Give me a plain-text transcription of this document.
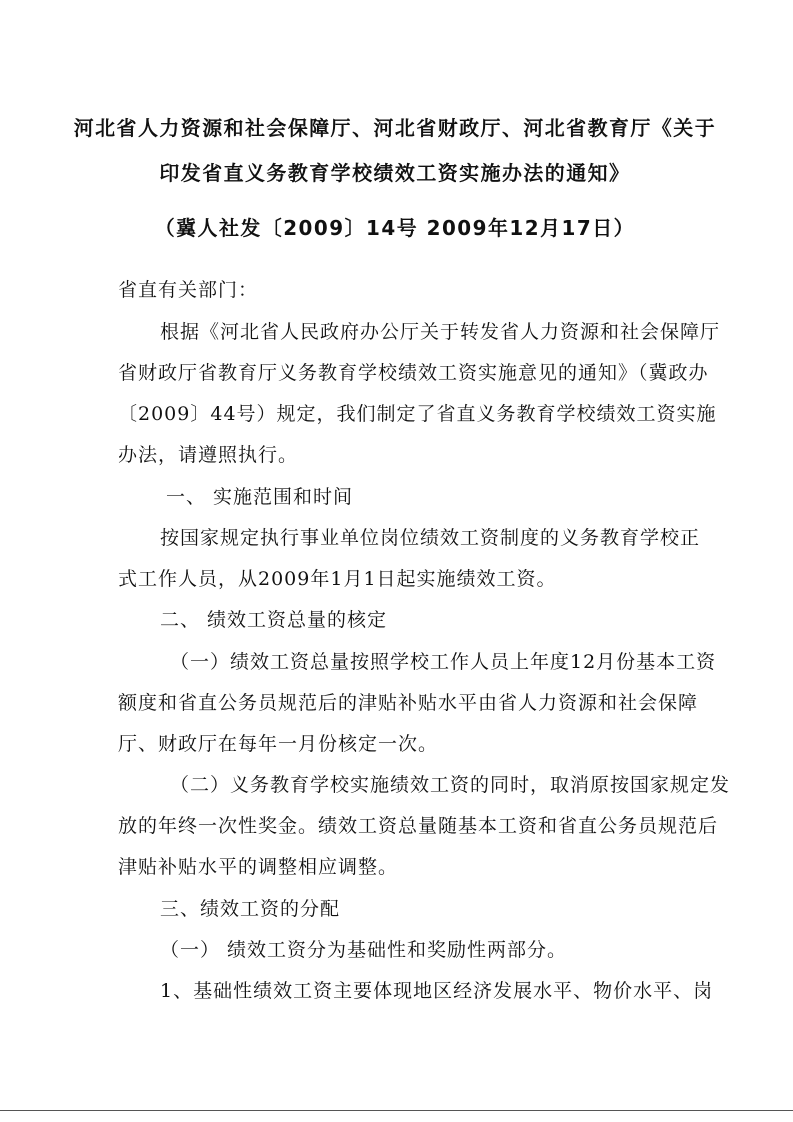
河北省人力资源和社会保障厅、河北省财政厅、河北省教育厅《关于
印发省直义务教育学校绩效工资实施办法的通知》
（冀人社发〔2009〕14号 2009年12月17日）
省直有关部门：
根据《河北省人民政府办公厅关于转发省人力资源和社会保障厅
省财政厅省教育厅义务教育学校绩效工资实施意见的通知》（冀政办
〔2009〕44号）规定，我们制定了省直义务教育学校绩效工资实施
办法，请遵照执行。
一、 实施范围和时间
按国家规定执行事业单位岗位绩效工资制度的义务教育学校正
式工作人员，从2009年1月1日起实施绩效工资。
二、 绩效工资总量的核定
（一）绩效工资总量按照学校工作人员上年度12月份基本工资
额度和省直公务员规范后的津贴补贴水平由省人力资源和社会保障
厅、财政厅在每年一月份核定一次。
（二）义务教育学校实施绩效工资的同时，取消原按国家规定发
放的年终一次性奖金。绩效工资总量随基本工资和省直公务员规范后
津贴补贴水平的调整相应调整。
三、绩效工资的分配
（一） 绩效工资分为基础性和奖励性两部分。
1、基础性绩效工资主要体现地区经济发展水平、物价水平、岗
